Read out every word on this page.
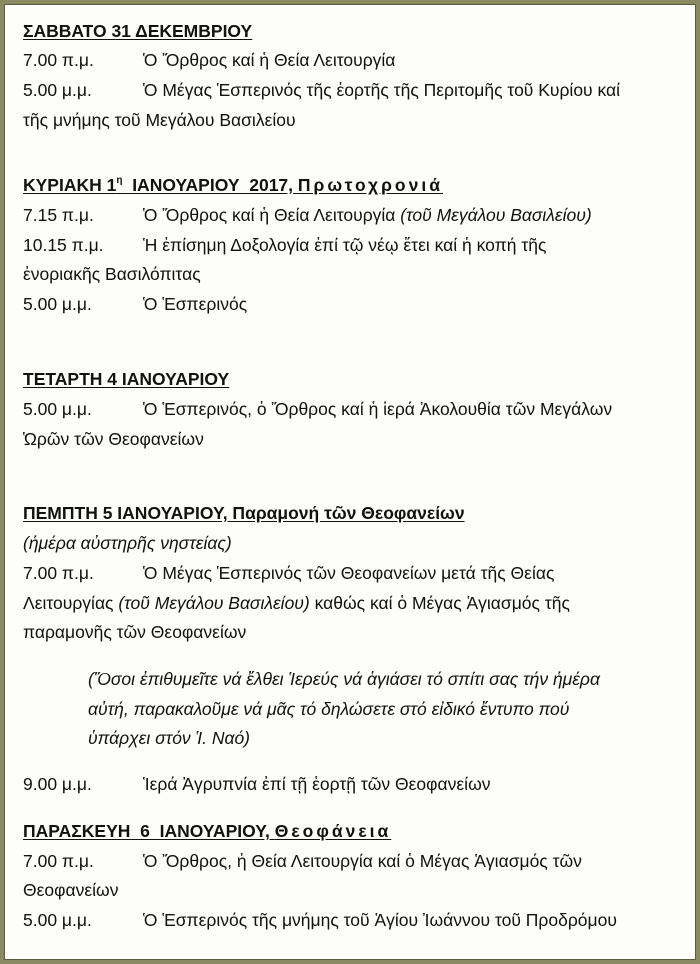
ΣΑΒΒΑΤΟ 31 ΔΕΚΕΜΒΡΙΟΥ
7.00 π.μ.	Ὁ Ὄρθρος καί ἡ Θεία Λειτουργία
5.00 μ.μ.	Ὁ Μέγας Ἑσπερινός τῆς ἑορτῆς τῆς Περιτομῆς τοῦ Κυρίου καί
τῆς μνήμης τοῦ Μεγάλου Βασιλείου
ΚΥΡΙΑΚΗ $1^\eta$  ΙΑΝΟΥΑΡΙΟΥ  2017, Πρωτοχρονιά
7.15 π.μ.	Ὁ Ὄρθρος καί ἡ Θεία Λειτουργία (τοῦ Μεγάλου Βασιλείου)
10.15 π.μ. Ἡ ἐπίσημη Δοξολογία ἐπί τῷ νέῳ ἔτει καί ἡ κοπή τῆς
ἐνοριακῆς Βασιλόπιτας
5.00 μ.μ.	Ὁ Ἑσπερινός
ΤΕΤΑΡΤΗ 4 ΙΑΝΟΥΑΡΙΟΥ
5.00 μ.μ.	Ὁ Ἑσπερινός, ὁ Ὄρθρος καί ἡ ἱερά Ἀκολουθία τῶν Μεγάλων
Ὡρῶν τῶν Θεοφανείων
ΠΕΜΠΤΗ 5 ΙΑΝΟΥΑΡΙΟΥ, Παραμονή τῶν Θεοφανείων
(ἡμέρα αὐστηρῆς νηστείας)
7.00 π.μ.	Ὁ Μέγας Ἑσπερινός τῶν Θεοφανείων μετά τῆς Θείας
Λειτουργίας (τοῦ Μεγάλου Βασιλείου) καθώς καί ὁ Μέγας Ἁγιασμός τῆς
παραμονῆς τῶν Θεοφανείων
(Ὅσοι ἐπιθυμεῖτε νά ἔλθει Ἱερεύς νά ἁγιάσει τό σπίτι σας τήν ἡμέρα
αὐτή, παρακαλοῦμε νά μᾶς τό δηλώσετε στό εἰδικό ἔντυπο πού
ὑπάρχει στόν Ἱ. Ναό)
9.00 μ.μ.	Ἱερά Ἀγρυπνία ἐπί τῇ ἑορτῇ τῶν Θεοφανείων
ΠΑΡΑΣΚΕΥΗ  6  ΙΑΝΟΥΑΡΙΟΥ, Θεοφάνεια
7.00 π.μ.	Ὁ Ὄρθρος, ἡ Θεία Λειτουργία καί ὁ Μέγας Ἁγιασμός τῶν
Θεοφανείων
5.00 μ.μ.	Ὁ Ἑσπερινός τῆς μνήμης τοῦ Ἁγίου Ἰωάννου τοῦ Προδρόμου
